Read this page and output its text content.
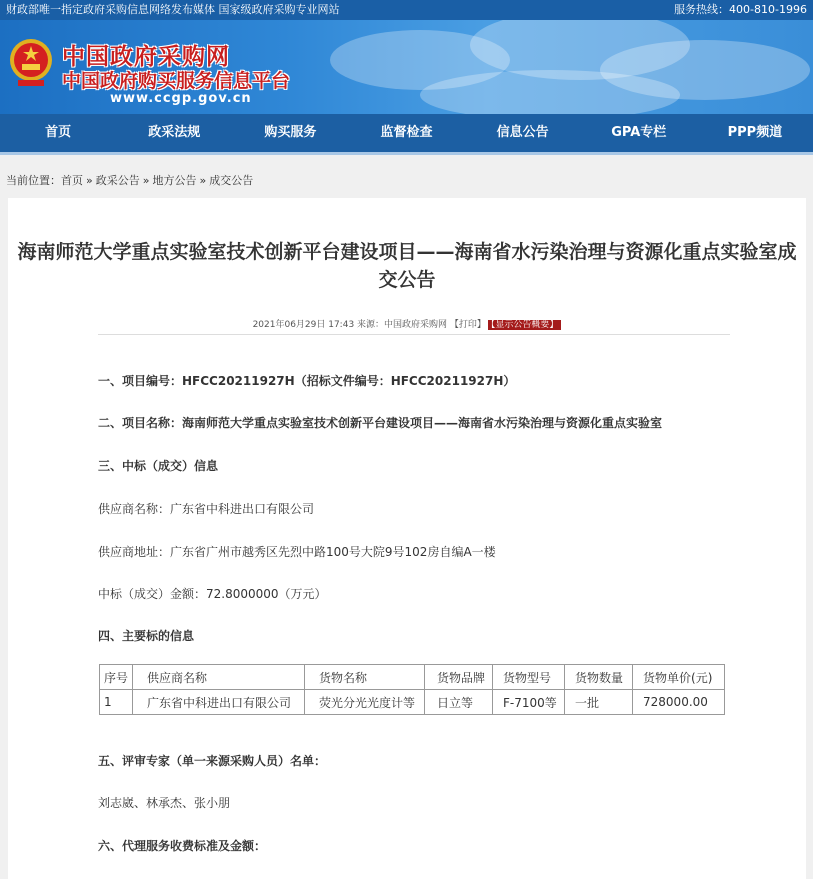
财政部唯一指定政府采购信息网络发布媒体 国家级政府采购专业网站	服务热线：400-810-1996
中国政府采购网
中国政府购买服务信息平台
www.ccgp.gov.cn
首页	政采法规	购买服务	监督检查	信息公告	GPA专栏	PPP频道
当前位置：首页 » 政采公告 » 地方公告 » 成交公告
海南师范大学重点实验室技术创新平台建设项目——海南省水污染治理与资源化重点实验室成交公告
2021年06月29日 17:43 来源：中国政府采购网 【打印】 【显示公告概要】
一、项目编号：HFCC20211927H（招标文件编号：HFCC20211927H）
二、项目名称：海南师范大学重点实验室技术创新平台建设项目——海南省水污染治理与资源化重点实验室
三、中标（成交）信息
供应商名称：广东省中科进出口有限公司
供应商地址：广东省广州市越秀区先烈中路100号大院9号102房自编A一楼
中标（成交）金额：72.8000000（万元）
四、主要标的信息
序号	供应商名称	货物名称	货物品牌	货物型号	货物数量	货物单价(元)
1	广东省中科进出口有限公司	荧光分光光度计等	日立等	F-7100等	一批	728000.00
五、评审专家（单一来源采购人员）名单：
刘志崴、林承杰、张小朋
六、代理服务收费标准及金额：
